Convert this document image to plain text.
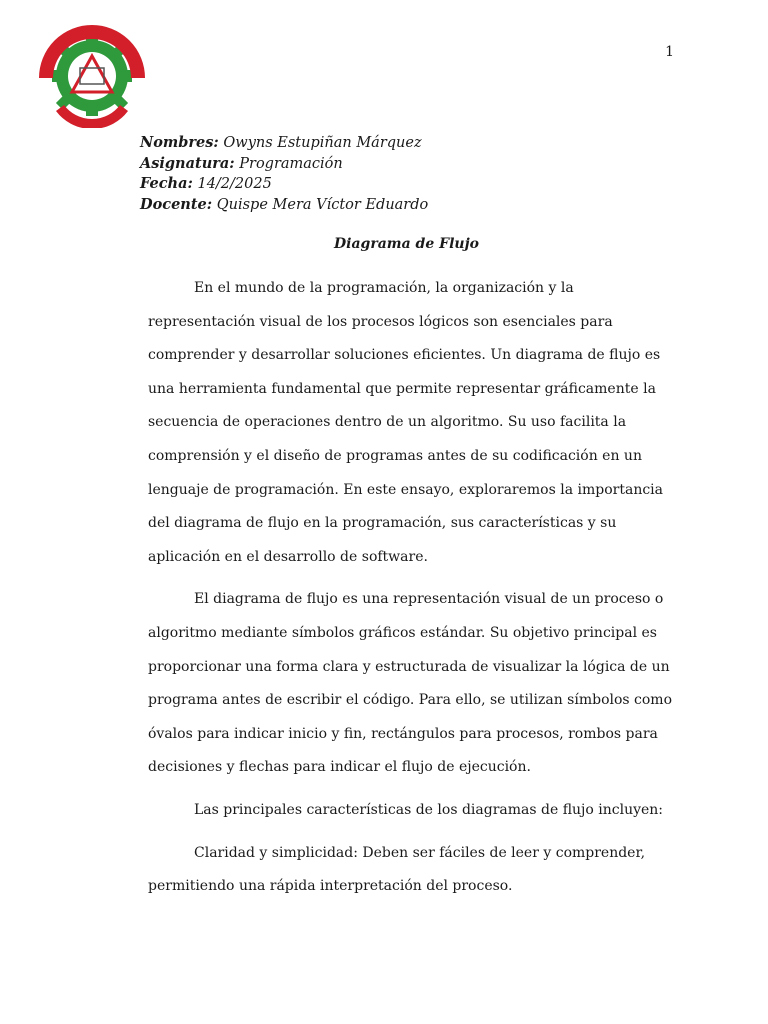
1
Nombres: Owyns Estupiñan Márquez
Asignatura: Programación
Fecha: 14/2/2025
Docente: Quispe Mera Víctor Eduardo
Diagrama de Flujo

En el mundo de la programación, la organización y la representación visual de los procesos lógicos son esenciales para comprender y desarrollar soluciones eficientes. Un diagrama de flujo es una herramienta fundamental que permite representar gráficamente la secuencia de operaciones dentro de un algoritmo. Su uso facilita la comprensión y el diseño de programas antes de su codificación en un lenguaje de programación. En este ensayo, exploraremos la importancia del diagrama de flujo en la programación, sus características y su aplicación en el desarrollo de software.

El diagrama de flujo es una representación visual de un proceso o algoritmo mediante símbolos gráficos estándar. Su objetivo principal es proporcionar una forma clara y estructurada de visualizar la lógica de un programa antes de escribir el código. Para ello, se utilizan símbolos como óvalos para indicar inicio y fin, rectángulos para procesos, rombos para decisiones y flechas para indicar el flujo de ejecución.

Las principales características de los diagramas de flujo incluyen:

Claridad y simplicidad: Deben ser fáciles de leer y comprender, permitiendo una rápida interpretación del proceso.
